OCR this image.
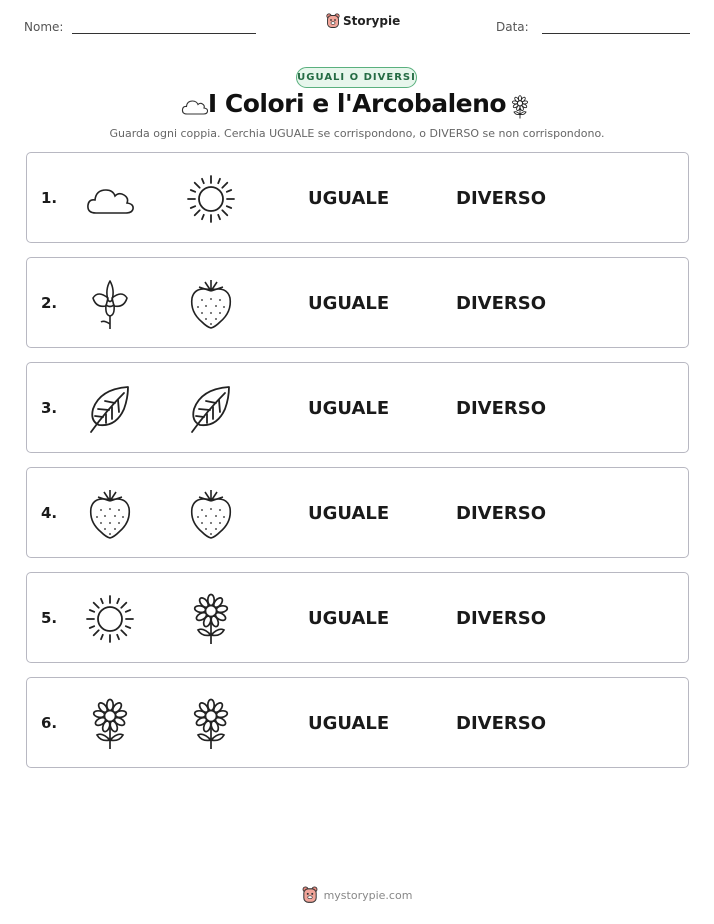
Nome:	Storypie	Data:
UGUALI O DIVERSI
I Colori e l'Arcobaleno
Guarda ogni coppia. Cerchia UGUALE se corrispondono, o DIVERSO se non corrispondono.
1.	UGUALE	DIVERSO
2.	UGUALE	DIVERSO
3.	UGUALE	DIVERSO
4.	UGUALE	DIVERSO
5.	UGUALE	DIVERSO
6.	UGUALE	DIVERSO
mystorypie.com
